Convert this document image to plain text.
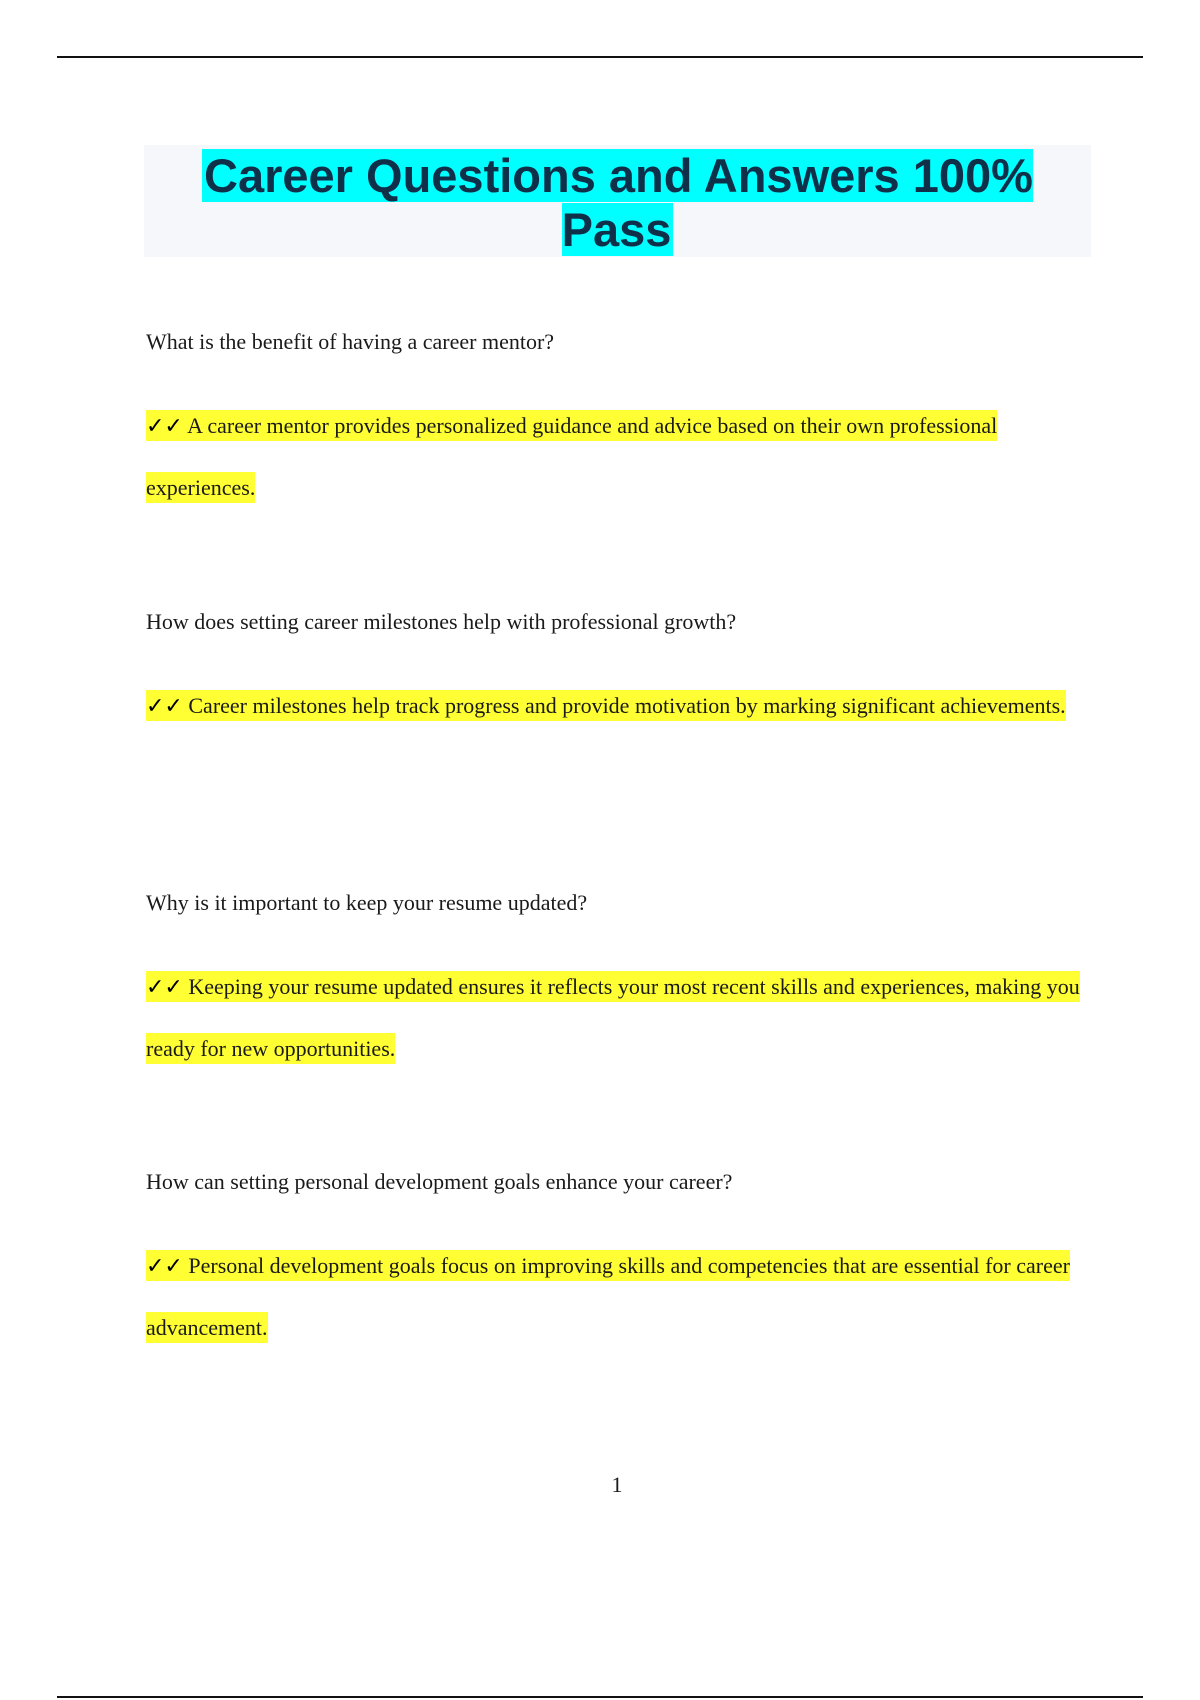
Career Questions and Answers 100% Pass

What is the benefit of having a career mentor?

✓✓ A career mentor provides personalized guidance and advice based on their own professional experiences.

How does setting career milestones help with professional growth?

✓✓ Career milestones help track progress and provide motivation by marking significant achievements.

Why is it important to keep your resume updated?

✓✓ Keeping your resume updated ensures it reflects your most recent skills and experiences, making you ready for new opportunities.

How can setting personal development goals enhance your career?

✓✓ Personal development goals focus on improving skills and competencies that are essential for career advancement.

1
